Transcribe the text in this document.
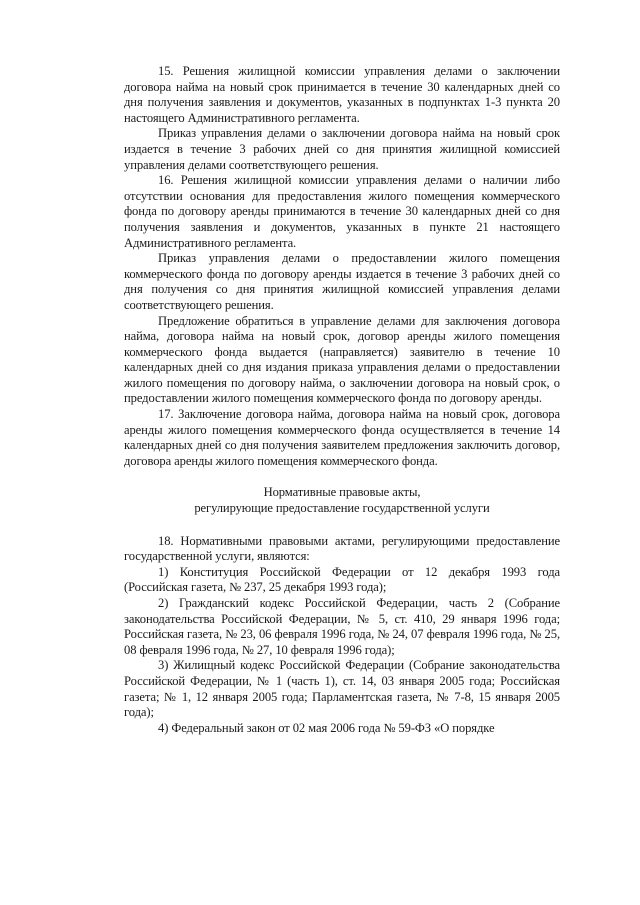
15. Решения жилищной комиссии управления делами о заключении договора найма на новый срок принимается в течение 30 календарных дней со дня получения заявления и документов, указанных в подпунктах 1-3 пункта 20 настоящего Административного регламента.

Приказ управления делами о заключении договора найма на новый срок издается в течение 3 рабочих дней со дня принятия жилищной комиссией управления делами соответствующего решения.

16. Решения жилищной комиссии управления делами о наличии либо отсутствии основания для предоставления жилого помещения коммерческого фонда по договору аренды принимаются в течение 30 календарных дней со дня получения заявления и документов, указанных в пункте 21 настоящего Административного регламента.

Приказ управления делами о предоставлении жилого помещения коммерческого фонда по договору аренды издается в течение 3 рабочих дней со дня получения со дня принятия жилищной комиссией управления делами соответствующего решения.

Предложение обратиться в управление делами для заключения договора найма, договора найма на новый срок, договор аренды жилого помещения коммерческого фонда выдается (направляется) заявителю в течение 10 календарных дней со дня издания приказа управления делами о предоставлении жилого помещения по договору найма, о заключении договора на новый срок, о предоставлении жилого помещения коммерческого фонда по договору аренды.

17. Заключение договора найма, договора найма на новый срок, договора аренды жилого помещения коммерческого фонда осуществляется в течение 14 календарных дней со дня получения заявителем предложения заключить договор, договора аренды жилого помещения коммерческого фонда.

Нормативные правовые акты,
регулирующие предоставление государственной услуги

18. Нормативными правовыми актами, регулирующими предоставление государственной услуги, являются:

1) Конституция Российской Федерации от 12 декабря 1993 года (Российская газета, № 237, 25 декабря 1993 года);

2) Гражданский кодекс Российской Федерации, часть 2 (Собрание законодательства Российской Федерации, № 5, ст. 410, 29 января 1996 года; Российская газета, № 23, 06 февраля 1996 года, № 24, 07 февраля 1996 года, № 25, 08 февраля 1996 года, № 27, 10 февраля 1996 года);

3) Жилищный кодекс Российской Федерации (Собрание законодательства Российской Федерации, № 1 (часть 1), ст. 14, 03 января 2005 года; Российская газета; № 1, 12 января 2005 года; Парламентская газета, № 7-8, 15 января 2005 года);

4) Федеральный закон от 02 мая 2006 года № 59-ФЗ «О порядке
